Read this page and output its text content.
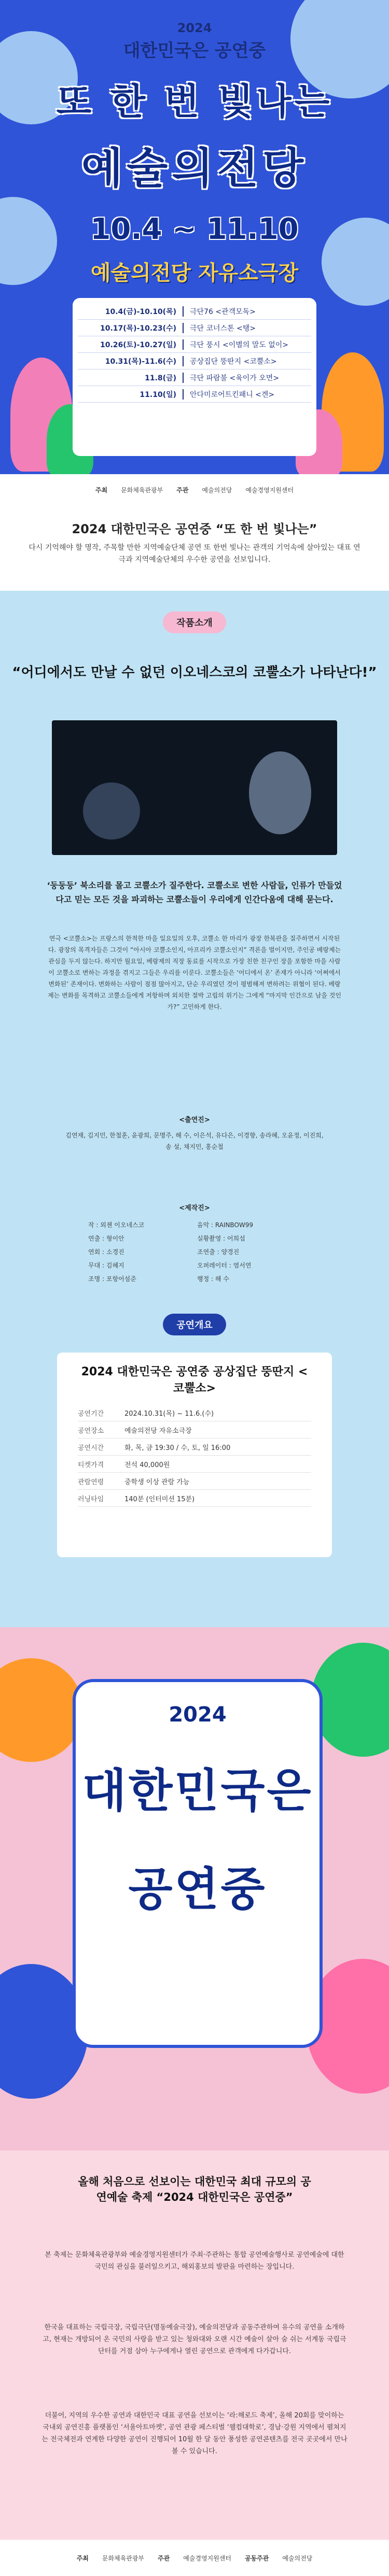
2024
대한민국은 공연중
또 한 번 빛나는
예술의전당
10.4 ~ 11.10
예술의전당 자유소극장
10.4(금)-10.10(목)	극단76 <관객모독>
10.17(목)-10.23(수)	극단 코너스톤 <탱>
10.26(토)-10.27(일)	극단 풍시 <이별의 말도 없이>
10.31(목)-11.6(수)	공상집단 뚱딴지 <코뿔소>
11.8(금)	극단 파람불 <육이가 오면>
11.10(일)	안다미로어트킨패니 <겐>
주최 문화체육관광부 주관 예술의전당 예술경영지원센터
2024 대한민국은 공연중 “또 한 번 빛나는”

다시 기억해야 할 명작, 주목할 만한 지역예술단체 공연 또 한번 빛나는 관객의 기억속에 살아있는 대표 연극과 지역예술단체의 우수한 공연을 선보입니다.

작품소개
“어디에서도 만날 수 없던 이오네스코의 코뿔소가 나타난다!”
‘둥둥둥’ 북소리를 몰고 코뿔소가 질주한다. 코뿔소로 변한 사람들, 인류가 만들었다고 믿는 모든 것을 파괴하는 코뿔소들이 우리에게 인간다움에 대해 묻는다.
연극 <코뿔소>는 프랑스의 한적한 마을 일요일의 오후, 코뿔소 한 마리가 광장 한복판을 질주하면서 시작된다. 광장의 목격자들은 그것이 “아시아 코뿔소인지, 아프리카 코뿔소인지” 격론을 벌이지만, 주인공 베랑제는 관심을 두지 않는다. 하지만 월요일, 베랑제의 직장 동료를 시작으로 가장 친한 친구인 장을 포함한 마을 사람이 코뿔소로 변하는 과정을 겪지고 그들은 우리를 이룬다. 코뿔소들은 ‘어디에서 온’ 존재가 아니라 ‘어쩌에서 변화된’ 존재이다. 변화하는 사람이 점점 많아지고, 단순 우리였던 것이 평범해져 변하려는 위협이 된다. 베랑제는 변화를 목격하고 코뿔소들에게 저항하며 외치한 절박 고립의 위기는 그에게 “마지막 인간으로 남을 것인가?” 고민하게 한다.
<출연진>
김연재, 김지민, 한철훈, 윤광희, 문명주, 해 수, 이은석, 유다은, 이경향, 송라혜, 오윤정, 이진희, 송 설, 채지민, 홍순철
<제작진>
작 : 외젠 이오네스코	음악 : RAINBOW99
연출 : 형이안	실황촬영 : 어희섭
연회 : 소경진	조연출 : 양경진
무대 : 김혜지	오퍼레이터 : 염서연
조명 : 포항어섬준	행정 : 해 수
공연개요
2024 대한민국은 공연중 공상집단 뚱딴지 <코뿔소>
공연기간	2024.10.31(목) ~ 11.6.(수)
공연장소	예술의전당 자유소극장
공연시간	화, 목, 금 19:30 / 수, 토, 일 16:00
티켓가격	전석 40,000원
관람연령	중학생 이상 관람 가능
러닝타임	140분 (인터미션 15분)
2024
대한민국은
공연중
올해 처음으로 선보이는 대한민국 최대 규모의 공연예술 축제 “2024 대한민국은 공연중”
본 축제는 문화체육관광부와 예술경영지원센터가 주최·주관하는 통합 공연예술행사로 공연예술에 대한 국민의 관심을 불러일으키고, 해외홍보의 발판을 마련하는 장입니다.
한국을 대표하는 국립극장, 국립극단(명동예술극장), 예술의전당과 공동주관하여 유수의 공연을 소개하고, 현재는 개방되어 온 국민의 사랑을 받고 있는 청와대와 오랜 시간 예술이 살아 숨 쉬는 서계동 국립극단터를 거점 삼아 누구에게나 열린 공연으로 관객에게 다가갑니다.
더불어, 지역의 우수한 공연과 대한민국 대표 공연을 선보이는 ‘라:해로드 축제’, 올해 20회를 맞이하는 국내외 공연진흥 플랫폼인 ‘서울아트마켓’, 공연 관광 페스티벌 ‘웰컴대학로’, 경남·강원 지역에서 펼쳐지는 전국체전과 연계한 다양한 공연이 진행되어 10월 한 달 동안 풍성한 공연콘텐츠를 전국 곳곳에서 만나볼 수 있습니다.
주최 문화체육관광부 주관 예술경영지원센터 공동주관 예술의전당
